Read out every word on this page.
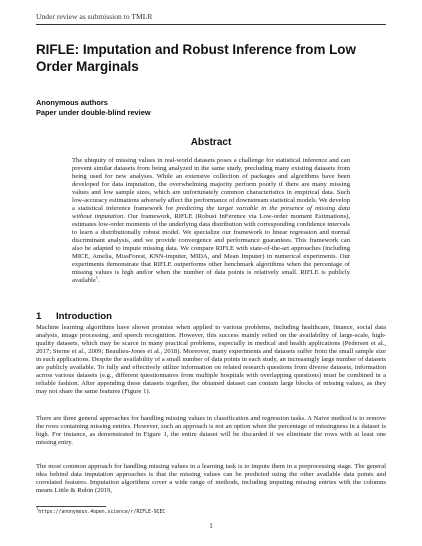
Under review as submission to TMLR
RIFLE: Imputation and Robust Inference from Low Order Marginals
Anonymous authors
Paper under double-blind review
Abstract
The ubiquity of missing values in real-world datasets poses a challenge for statistical inference and can prevent similar datasets from being analyzed in the same study, precluding many existing datasets from being used for new analyses. While an extensive collection of packages and algorithms have been developed for data imputation, the overwhelming majority perform poorly if there are many missing values and low sample sizes, which are unfortunately common characteristics in empirical data. Such low-accuracy estimations adversely affect the performance of downstream statistical models. We develop a statistical inference framework for predicting the target variable in the presence of missing data without imputation. Our framework, RIFLE (Robust InFerence via Low-order moment Estimations), estimates low-order moments of the underlying data distribution with corresponding confidence intervals to learn a distributionally robust model. We specialize our framework to linear regression and normal discriminant analysis, and we provide convergence and performance guarantees. This framework can also be adapted to impute missing data. We compare RIFLE with state-of-the-art approaches (including MICE, Amelia, MissForest, KNN-imputer, MIDA, and Mean Imputer) in numerical experiments. Our experiments demonstrate that RIFLE outperforms other benchmark algorithms when the percentage of missing values is high and/or when the number of data points is relatively small. RIFLE is publicly available$^1$.
1 Introduction
Machine learning algorithms have shown promise when applied to various problems, including healthcare, finance, social data analysis, image processing, and speech recognition. However, this success mainly relied on the availability of large-scale, high-quality datasets, which may be scarce in many practical problems, especially in medical and health applications (Pedersen et al., 2017; Sterne et al., 2009; Beaulieu-Jones et al., 2018). Moreover, many experiments and datasets suffer from the small sample size in such applications. Despite the availability of a small number of data points in each study, an increasingly large number of datasets are publicly available. To fully and effectively utilize information on related research questions from diverse datasets, information across various datasets (e.g., different questionnaires from multiple hospitals with overlapping questions) must be combined in a reliable fashion. After appending these datasets together, the obtained dataset can contain large blocks of missing values, as they may not share the same features (Figure 1).
There are three general approaches for handling missing values in classification and regression tasks. A Naive method is to remove the rows containing missing entries. However, such an approach is not an option when the percentage of missingness in a dataset is high. For instance, as demonstrated in Figure 1, the entire dataset will be discarded if we eliminate the rows with at least one missing entry.
The most common approach for handling missing values in a learning task is to impute them in a preprocessing stage. The general idea behind data imputation approaches is that the missing values can be predicted using the other available data points and correlated features. Imputation algorithms cover a wide range of methods, including imputing missing entries with the columns means Little & Rubin (2019,
$^1$https://anonymous.4open.science/r/RIFLE-9CEC
1
